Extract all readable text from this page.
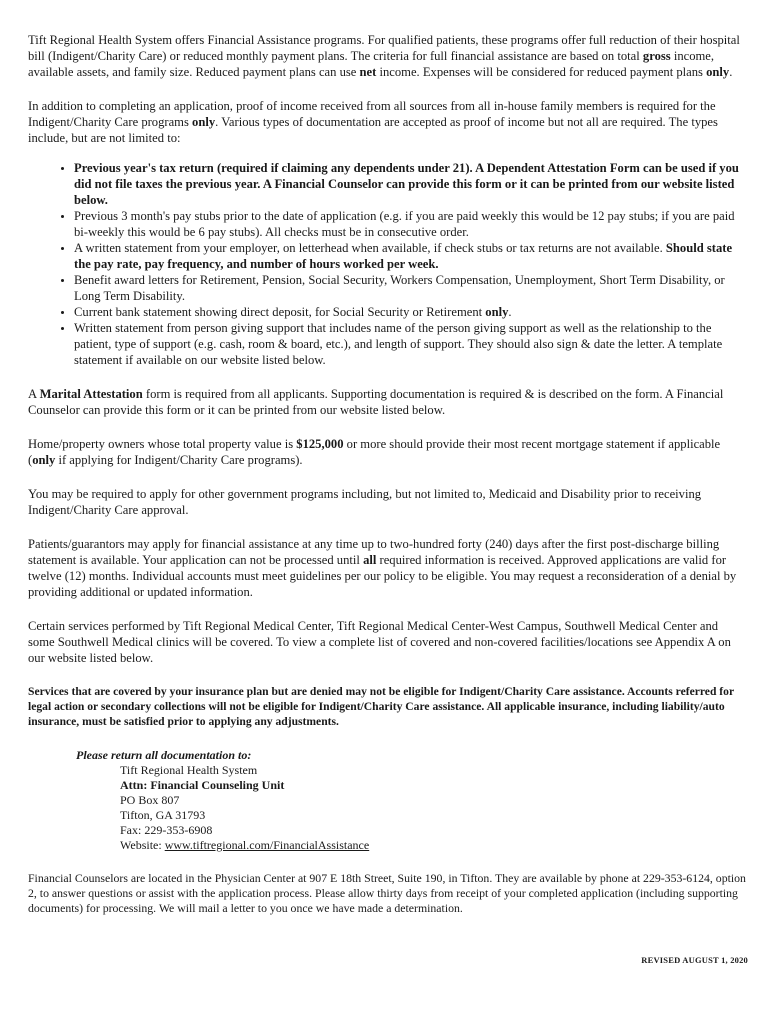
Tift Regional Health System offers Financial Assistance programs. For qualified patients, these programs offer full reduction of their hospital bill (Indigent/Charity Care) or reduced monthly payment plans. The criteria for full financial assistance are based on total gross income, available assets, and family size. Reduced payment plans can use net income. Expenses will be considered for reduced payment plans only.

In addition to completing an application, proof of income received from all sources from all in-house family members is required for the Indigent/Charity Care programs only. Various types of documentation are accepted as proof of income but not all are required. The types include, but are not limited to:

• Previous year's tax return (required if claiming any dependents under 21). A Dependent Attestation Form can be used if you did not file taxes the previous year. A Financial Counselor can provide this form or it can be printed from our website listed below.
• Previous 3 month's pay stubs prior to the date of application (e.g. if you are paid weekly this would be 12 pay stubs; if you are paid bi-weekly this would be 6 pay stubs). All checks must be in consecutive order.
• A written statement from your employer, on letterhead when available, if check stubs or tax returns are not available. Should state the pay rate, pay frequency, and number of hours worked per week.
• Benefit award letters for Retirement, Pension, Social Security, Workers Compensation, Unemployment, Short Term Disability, or Long Term Disability.
• Current bank statement showing direct deposit, for Social Security or Retirement only.
• Written statement from person giving support that includes name of the person giving support as well as the relationship to the patient, type of support (e.g. cash, room & board, etc.), and length of support. They should also sign & date the letter. A template statement if available on our website listed below.

A Marital Attestation form is required from all applicants. Supporting documentation is required & is described on the form. A Financial Counselor can provide this form or it can be printed from our website listed below.

Home/property owners whose total property value is $125,000 or more should provide their most recent mortgage statement if applicable (only if applying for Indigent/Charity Care programs).

You may be required to apply for other government programs including, but not limited to, Medicaid and Disability prior to receiving Indigent/Charity Care approval.

Patients/guarantors may apply for financial assistance at any time up to two-hundred forty (240) days after the first post-discharge billing statement is available. Your application can not be processed until all required information is received. Approved applications are valid for twelve (12) months. Individual accounts must meet guidelines per our policy to be eligible. You may request a reconsideration of a denial by providing additional or updated information.

Certain services performed by Tift Regional Medical Center, Tift Regional Medical Center-West Campus, Southwell Medical Center and some Southwell Medical clinics will be covered. To view a complete list of covered and non-covered facilities/locations see Appendix A on our website listed below.

Services that are covered by your insurance plan but are denied may not be eligible for Indigent/Charity Care assistance. Accounts referred for legal action or secondary collections will not be eligible for Indigent/Charity Care assistance. All applicable insurance, including liability/auto insurance, must be satisfied prior to applying any adjustments.

Please return all documentation to:

Tift Regional Health System

Attn: Financial Counseling Unit

PO Box 807

Tifton, GA 31793

Fax: 229-353-6908

Website: www.tiftregional.com/FinancialAssistance

Financial Counselors are located in the Physician Center at 907 E 18th Street, Suite 190, in Tifton. They are available by phone at 229-353-6124, option 2, to answer questions or assist with the application process. Please allow thirty days from receipt of your completed application (including supporting documents) for processing. We will mail a letter to you once we have made a determination.

REVISED AUGUST 1, 2020
